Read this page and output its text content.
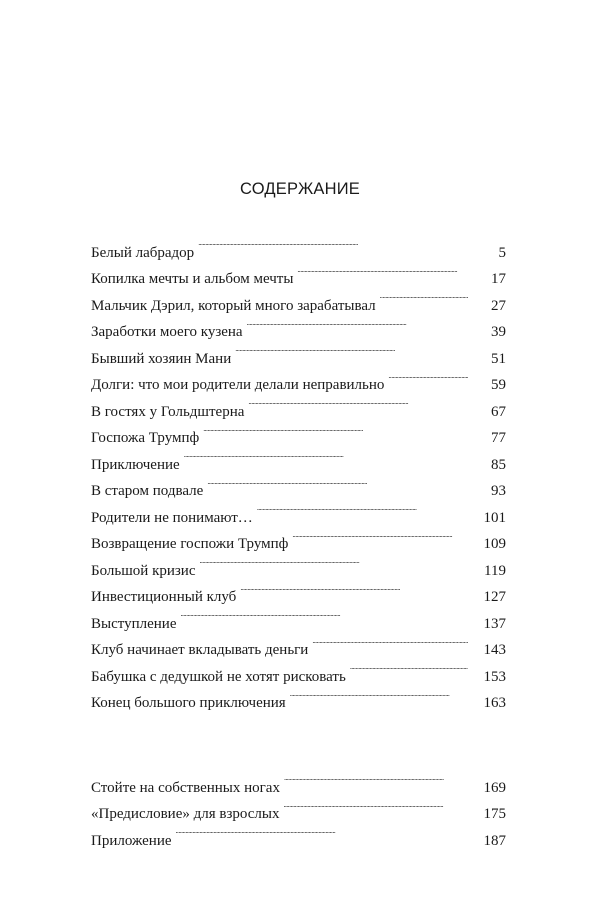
СОДЕРЖАНИЕ
Белый лабрадор . . .	5
Копилка мечты и альбом мечты . . .	17
Мальчик Дэрил, который много зарабатывал . . .	27
Заработки моего кузена . . .	39
Бывший хозяин Мани . . .	51
Долги: что мои родители делали неправильно . . .	59
В гостях у Гольдштерна . . .	67
Госпожа Трумпф . . .	77
Приключение . . .	85
В старом подвале . . .	93
Родители не понимают… . . .	101
Возвращение госпожи Трумпф . . .	109
Большой кризис . . .	119
Инвестиционный клуб . . .	127
Выступление . . .	137
Клуб начинает вкладывать деньги . . .	143
Бабушка с дедушкой не хотят рисковать . . .	153
Конец большого приключения . . .	163
Стойте на собственных ногах . . .	169
«Предисловие» для взрослых . . .	175
Приложение . . .	187
